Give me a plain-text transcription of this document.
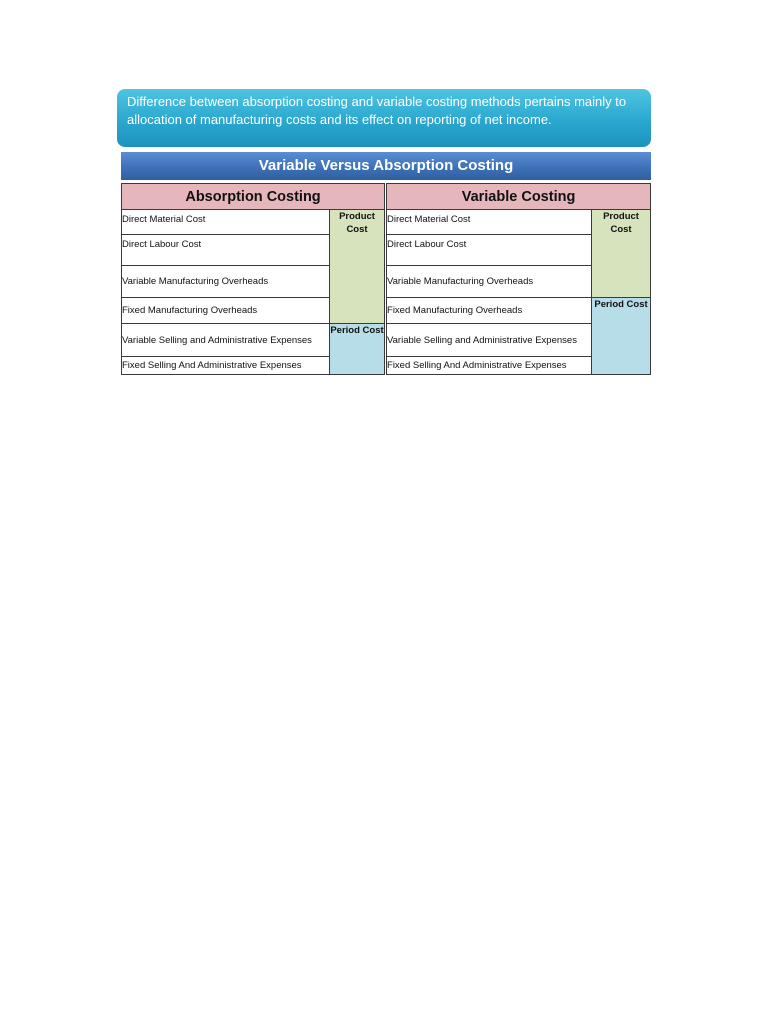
Difference between absorption costing and variable costing methods pertains mainly to allocation of manufacturing costs and its effect on reporting of net income.
Variable Versus Absorption Costing
Absorption Costing			Variable Costing	
Direct Material Cost	Product Cost		Direct Material Cost	Product Cost
Direct Labour Cost			Direct Labour Cost	
Variable Manufacturing Overheads			Variable Manufacturing Overheads	
Fixed Manufacturing Overheads			Fixed Manufacturing Overheads	Period Cost
Variable Selling and Administrative Expenses	Period Cost		Variable Selling and Administrative Expenses	
Fixed Selling And Administrative Expenses			Fixed Selling And Administrative Expenses	
